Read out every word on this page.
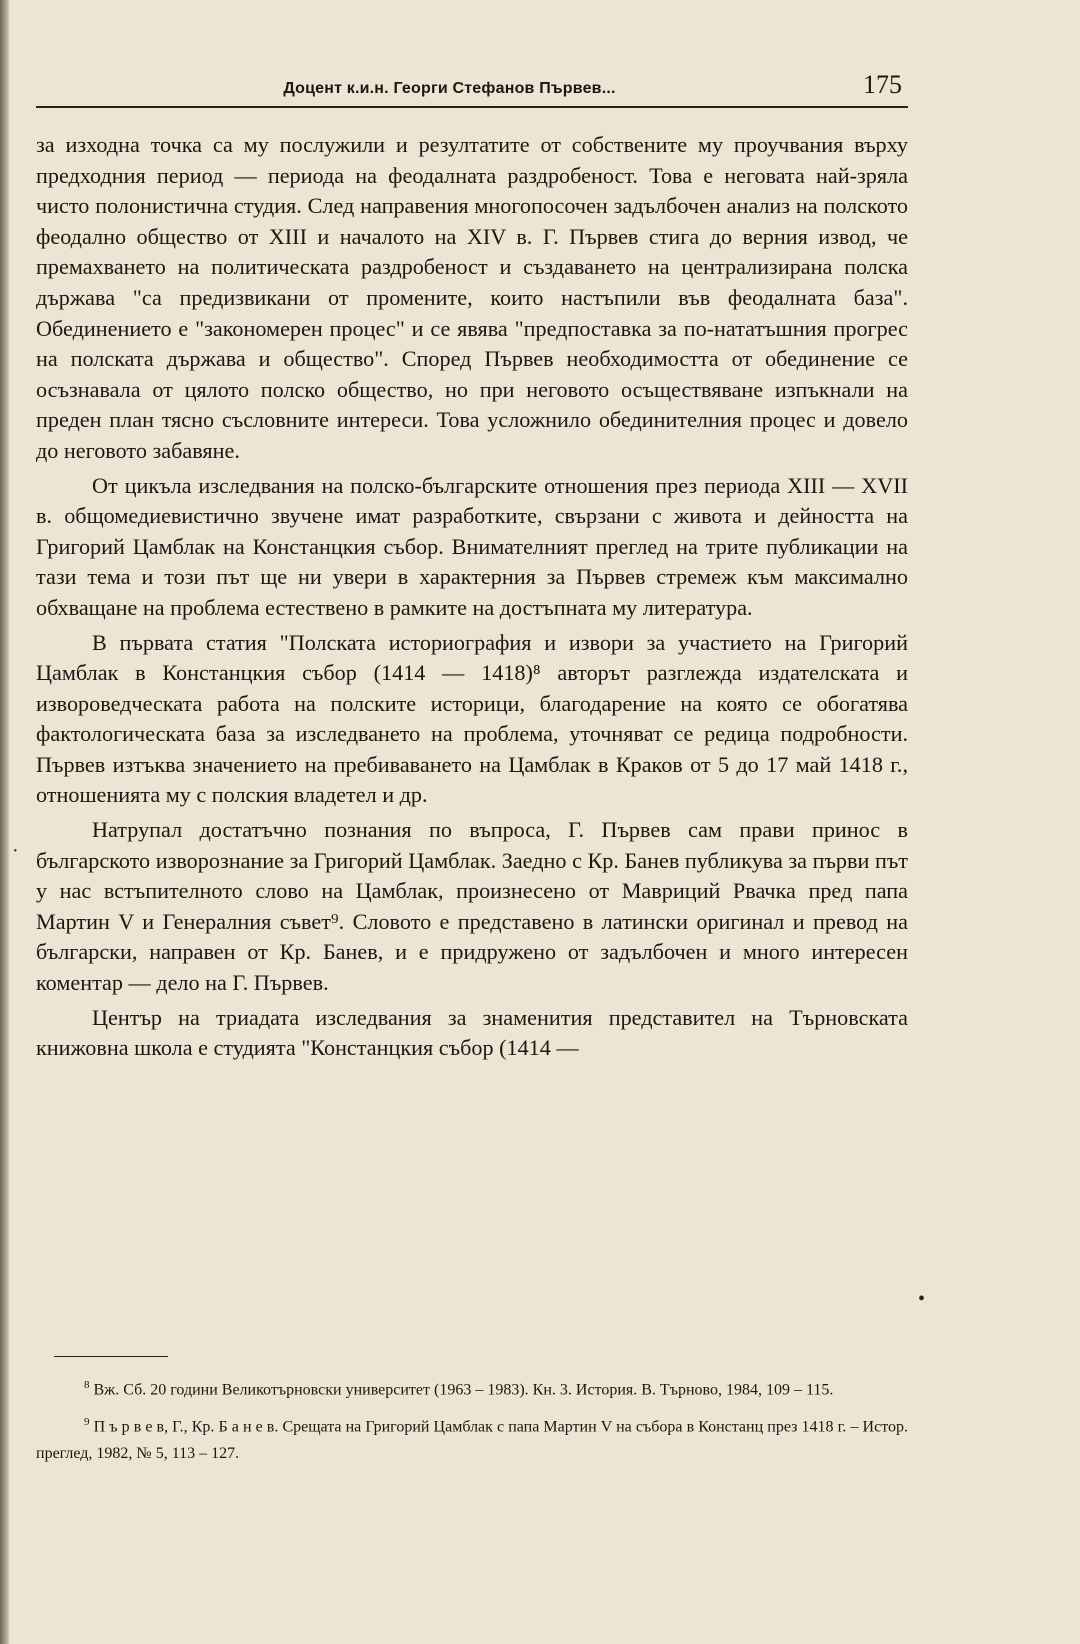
Доцент к.и.н. Георги Стефанов Първев...	175

за изходна точка са му послужили и резултатите от собствените му проучвания върху предходния период — периода на феодалната раздробеност. Това е неговата най-зряла чисто полонистична студия. След направения многопосочен задълбочен анализ на полското феодално общество от XIII и началото на XIV в. Г. Първев стига до верния извод, че премахването на политическата раздробеност и създаването на централизирана полска държава "са предизвикани от промените, които настъпили във феодалната база". Обединението е "закономерен процес" и се явява "предпоставка за по-нататъшния прогрес на полската държава и общество". Според Първев необходимостта от обединение се осъзнавала от цялото полско общество, но при неговото осъществяване изпъкнали на преден план тясно съсловните интереси. Това усложнило обединителния процес и довело до неговото забавяне.

От цикъла изследвания на полско-българските отношения през периода XIII — XVII в. общомедиевистично звучене имат разработките, свързани с живота и дейността на Григорий Цамблак на Констанцкия събор. Внимателният преглед на трите публикации на тази тема и този път ще ни увери в характерния за Първев стремеж към максимално обхващане на проблема естествено в рамките на достъпната му литература.

В първата статия "Полската историография и извори за участието на Григорий Цамблак в Констанцкия събор (1414 — 1418)⁸ авторът разглежда издателската и извороведческата работа на полските историци, благодарение на която се обогатява фактологическата база за изследването на проблема, уточняват се редица подробности. Първев изтъква значението на пребиваването на Цамблак в Краков от 5 до 17 май 1418 г., отношенията му с полския владетел и др.

Натрупал достатъчно познания по въпроса, Г. Първев сам прави принос в българското изворознание за Григорий Цамблак. Заедно с Кр. Банев публикува за първи път у нас встъпителното слово на Цамблак, произнесено от Мавриций Рвачка пред папа Мартин V и Генералния съвет⁹. Словото е представено в латински оригинал и превод на български, направен от Кр. Банев, и е придружено от задълбочен и много интересен коментар — дело на Г. Първев.

Център на триадата изследвания за знаменития представител на Търновската книжовна школа е студията "Констанцкия събор (1414 —

·
•

$^8$ Вж. Сб. 20 години Великотърновски университет (1963 – 1983). Кн. 3. История. В. Търново, 1984, 109 – 115.

$^9$ П ъ р в е в, Г., Кр. Б а н е в. Срещата на Григорий Цамблак с папа Мартин V на събора в Констанц през 1418 г. – Истор. преглед, 1982, № 5, 113 – 127.
